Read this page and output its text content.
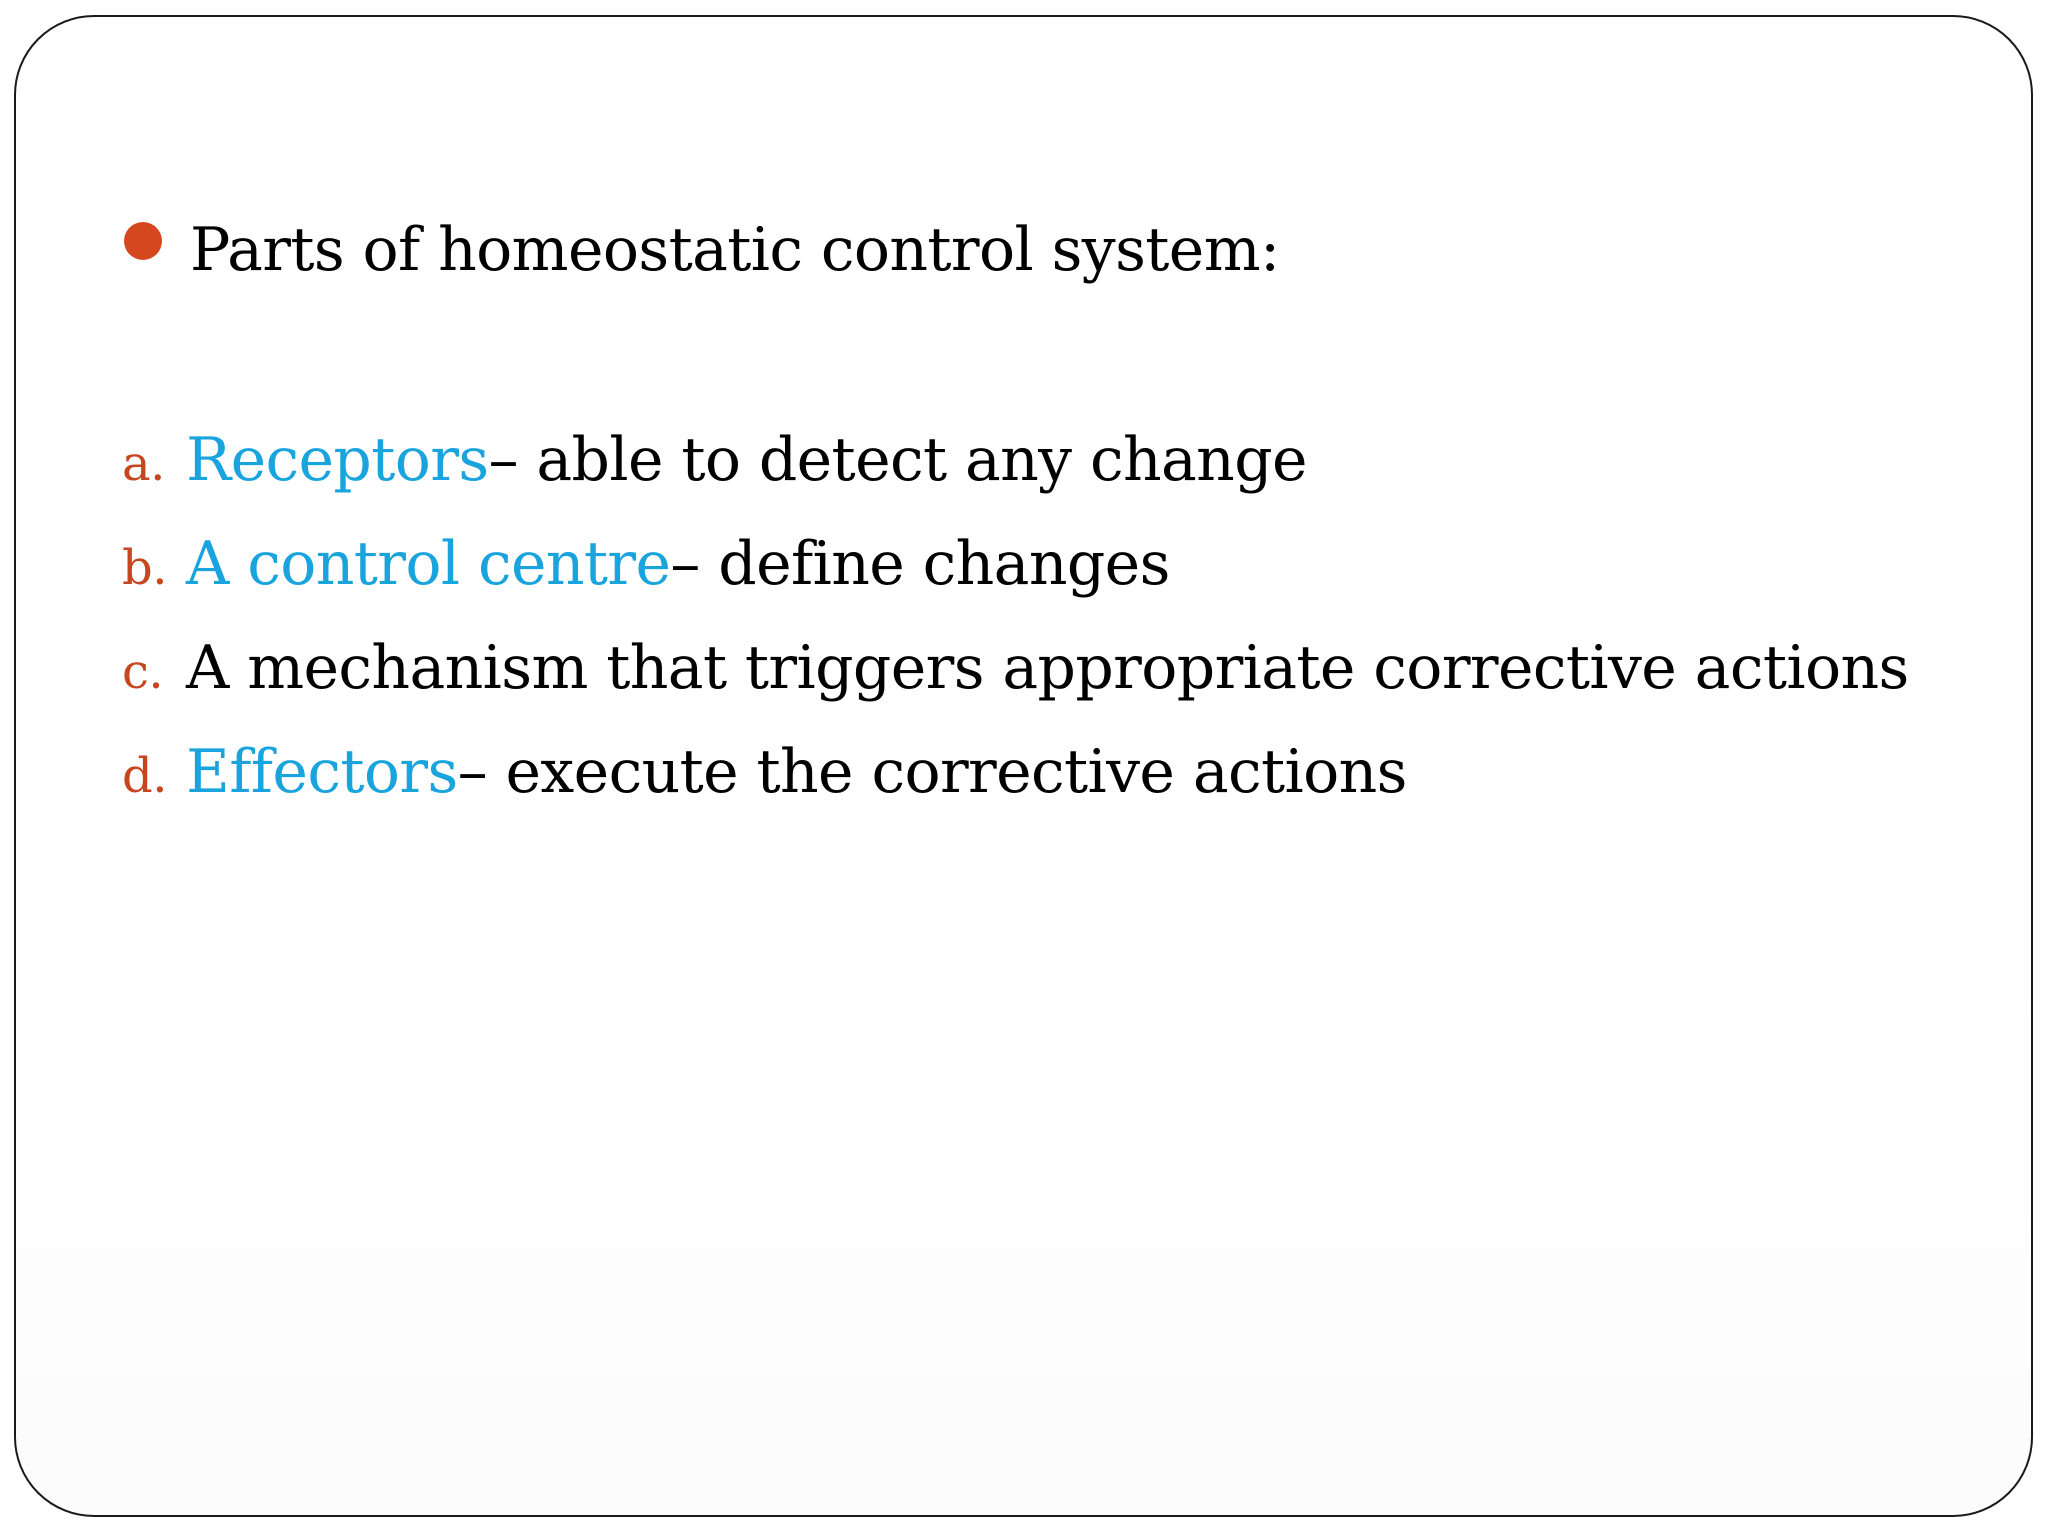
Parts of homeostatic control system:
a. Receptors – able to detect any change
b. A control centre – define changes
c. A mechanism that triggers appropriate corrective actions
d. Effectors – execute the corrective actions
